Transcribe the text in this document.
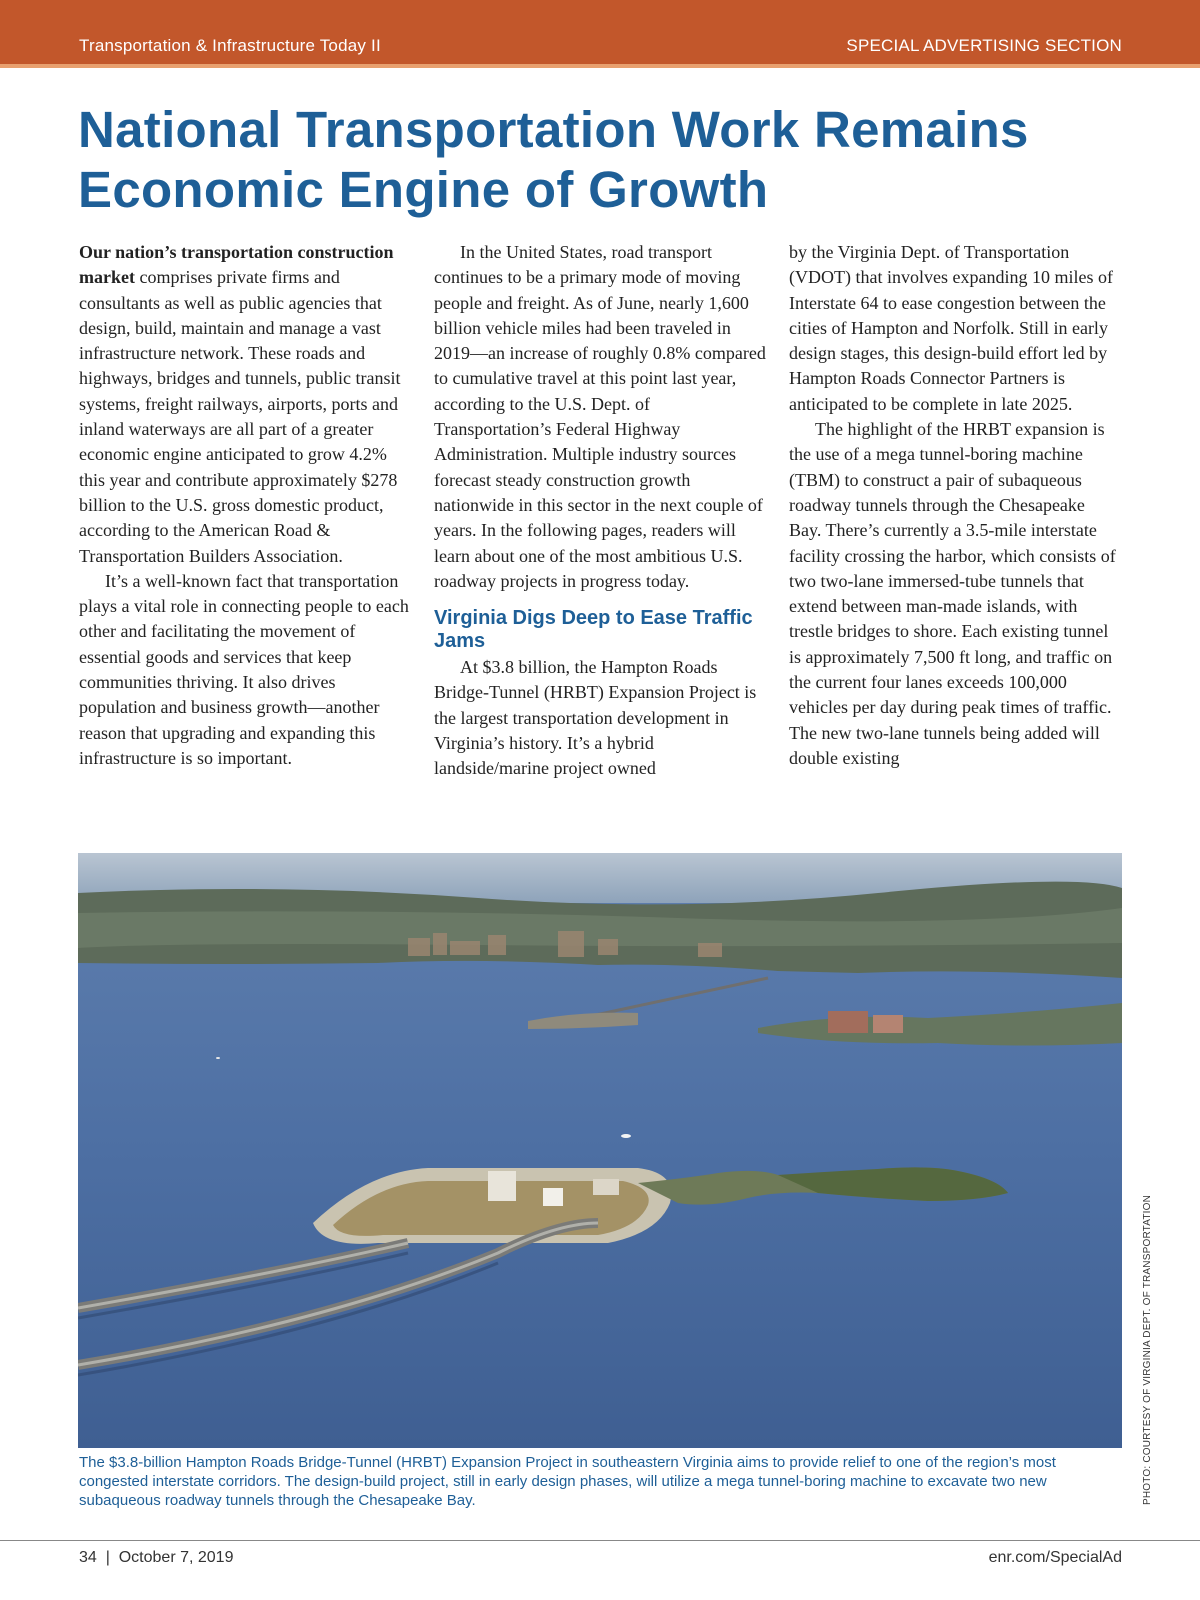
Transportation & Infrastructure Today II	SPECIAL ADVERTISING SECTION
National Transportation Work Remains
Economic Engine of Growth

Our nation’s transportation construction market comprises private firms and consultants as well as public agencies that design, build, maintain and manage a vast infrastructure network. These roads and highways, bridges and tunnels, public transit systems, freight railways, airports, ports and inland waterways are all part of a greater economic engine anticipated to grow 4.2% this year and contribute approximately $278 billion to the U.S. gross domestic product, according to the American Road & Transportation Builders Association.

It’s a well-known fact that transportation plays a vital role in connecting people to each other and facilitating the movement of essential goods and services that keep communities thriving. It also drives population and business growth—another reason that upgrading and expanding this infrastructure is so important.

In the United States, road transport continues to be a primary mode of moving people and freight. As of June, nearly 1,600 billion vehicle miles had been traveled in 2019—an increase of roughly 0.8% compared to cumulative travel at this point last year, according to the U.S. Dept. of Transportation’s Federal Highway Administration. Multiple industry sources forecast steady construction growth nationwide in this sector in the next couple of years. In the following pages, readers will learn about one of the most ambitious U.S. roadway projects in progress today.

Virginia Digs Deep to Ease Traffic Jams

At $3.8 billion, the Hampton Roads Bridge-Tunnel (HRBT) Expansion Project is the largest transportation development in Virginia’s history. It’s a hybrid landside/marine project owned

by the Virginia Dept. of Transportation (VDOT) that involves expanding 10 miles of Interstate 64 to ease congestion between the cities of Hampton and Norfolk. Still in early design stages, this design-build effort led by Hampton Roads Connector Partners is anticipated to be complete in late 2025.

The highlight of the HRBT expansion is the use of a mega tunnel-boring machine (TBM) to construct a pair of subaqueous roadway tunnels through the Chesapeake Bay. There’s currently a 3.5-mile interstate facility crossing the harbor, which consists of two two-lane immersed-tube tunnels that extend between man-made islands, with trestle bridges to shore. Each existing tunnel is approximately 7,500 ft long, and traffic on the current four lanes exceeds 100,000 vehicles per day during peak times of traffic. The new two-lane tunnels being added will double existing

PHOTO: COURTESY OF VIRGINIA DEPT. OF TRANSPORTATION

The $3.8-billion Hampton Roads Bridge-Tunnel (HRBT) Expansion Project in southeastern Virginia aims to provide relief to one of the region’s most congested interstate corridors. The design-build project, still in early design phases, will utilize a mega tunnel-boring machine to excavate two new subaqueous roadway tunnels through the Chesapeake Bay.

34  |  October 7, 2019	enr.com/SpecialAd
